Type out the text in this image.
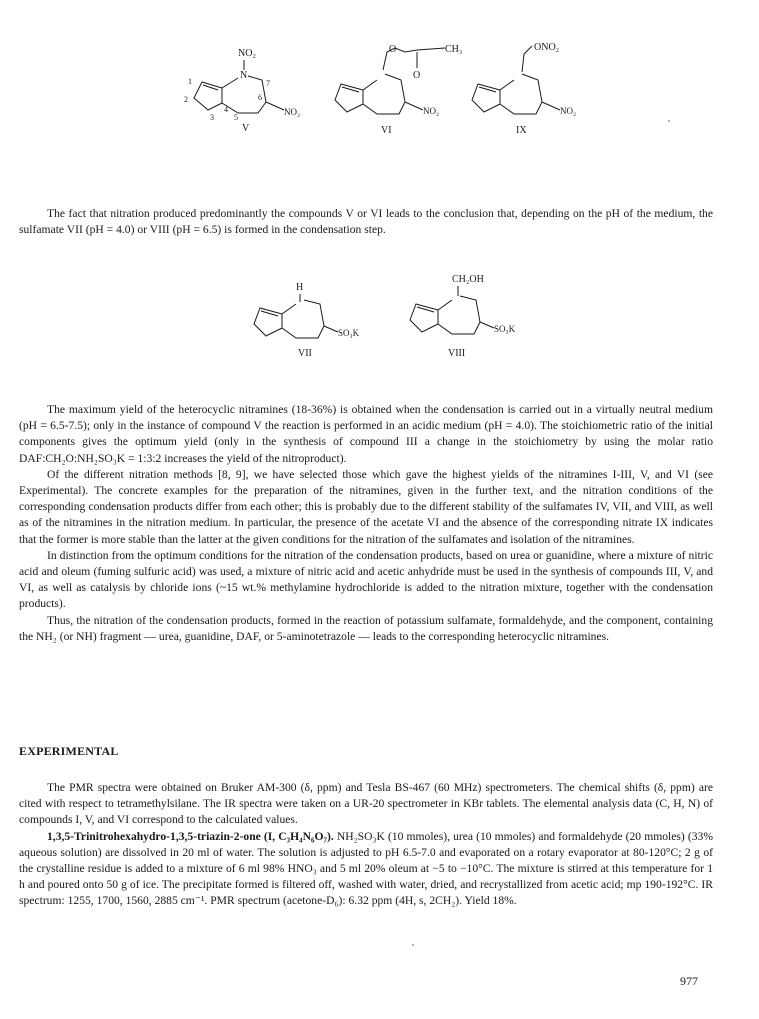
NO₂
N
NO₂
1
2
3
4
5
6
7
V
CH₃
O
O
NO₂
VI
ONO₂
NO₂
IX

The fact that nitration produced predominantly the compounds V or VI leads to the conclusion that, depending on the pH of the medium, the sulfamate VII (pH = 4.0) or VIII (pH = 6.5) is formed in the condensation step.

H
SO₃K
VII
CH₂OH
SO₃K
VIII

The maximum yield of the heterocyclic nitramines (18-36%) is obtained when the condensation is carried out in a virtually neutral medium (pH = 6.5-7.5); only in the instance of compound V the reaction is performed in an acidic medium (pH = 4.0). The stoichiometric ratio of the initial components gives the optimum yield (only in the synthesis of compound III a change in the stoichiometry by using the molar ratio DAF:CH₂O:NH₂SO₃K = 1:3:2 increases the yield of the nitroproduct).

Of the different nitration methods [8, 9], we have selected those which gave the highest yields of the nitramines I-III, V, and VI (see Experimental). The concrete examples for the preparation of the nitramines, given in the further text, and the nitration conditions of the corresponding condensation products differ from each other; this is probably due to the different stability of the sulfamates IV, VII, and VIII, as well as of the nitramines in the nitration medium. In particular, the presence of the acetate VI and the absence of the corresponding nitrate IX indicates that the former is more stable than the latter at the given conditions for the nitration of the sulfamates and isolation of the nitramines.

In distinction from the optimum conditions for the nitration of the condensation products, based on urea or guanidine, where a mixture of nitric acid and oleum (fuming sulfuric acid) was used, a mixture of nitric acid and acetic anhydride must be used in the synthesis of compounds III, V, and VI, as well as catalysis by chloride ions (~15 wt.% methylamine hydrochloride is added to the nitration mixture, together with the condensation products).

Thus, the nitration of the condensation products, formed in the reaction of potassium sulfamate, formaldehyde, and the component, containing the NH₂ (or NH) fragment — urea, guanidine, DAF, or 5-aminotetrazole — leads to the corresponding heterocyclic nitramines.

EXPERIMENTAL

The PMR spectra were obtained on Bruker AM-300 (δ, ppm) and Tesla BS-467 (60 MHz) spectrometers. The chemical shifts (δ, ppm) are cited with respect to tetramethylsilane. The IR spectra were taken on a UR-20 spectrometer in KBr tablets. The elemental analysis data (C, H, N) of compounds I, V, and VI correspond to the calculated values.

1,3,5-Trinitrohexahydro-1,3,5-triazin-2-one (I, C₃H₄N₆O₇). NH₂SO₃K (10 mmoles), urea (10 mmoles) and formaldehyde (20 mmoles) (33% aqueous solution) are dissolved in 20 ml of water. The solution is adjusted to pH 6.5-7.0 and evaporated on a rotary evaporator at 80-120°C; 2 g of the crystalline residue is added to a mixture of 6 ml 98% HNO₃ and 5 ml 20% oleum at −5 to −10°C. The mixture is stirred at this temperature for 1 h and poured onto 50 g of ice. The precipitate formed is filtered off, washed with water, dried, and recrystallized from acetic acid; mp 190-192°C. IR spectrum: 1255, 1700, 1560, 2885 cm⁻¹. PMR spectrum (acetone-D₆): 6.32 ppm (4H, s, 2CH₂). Yield 18%.

977
